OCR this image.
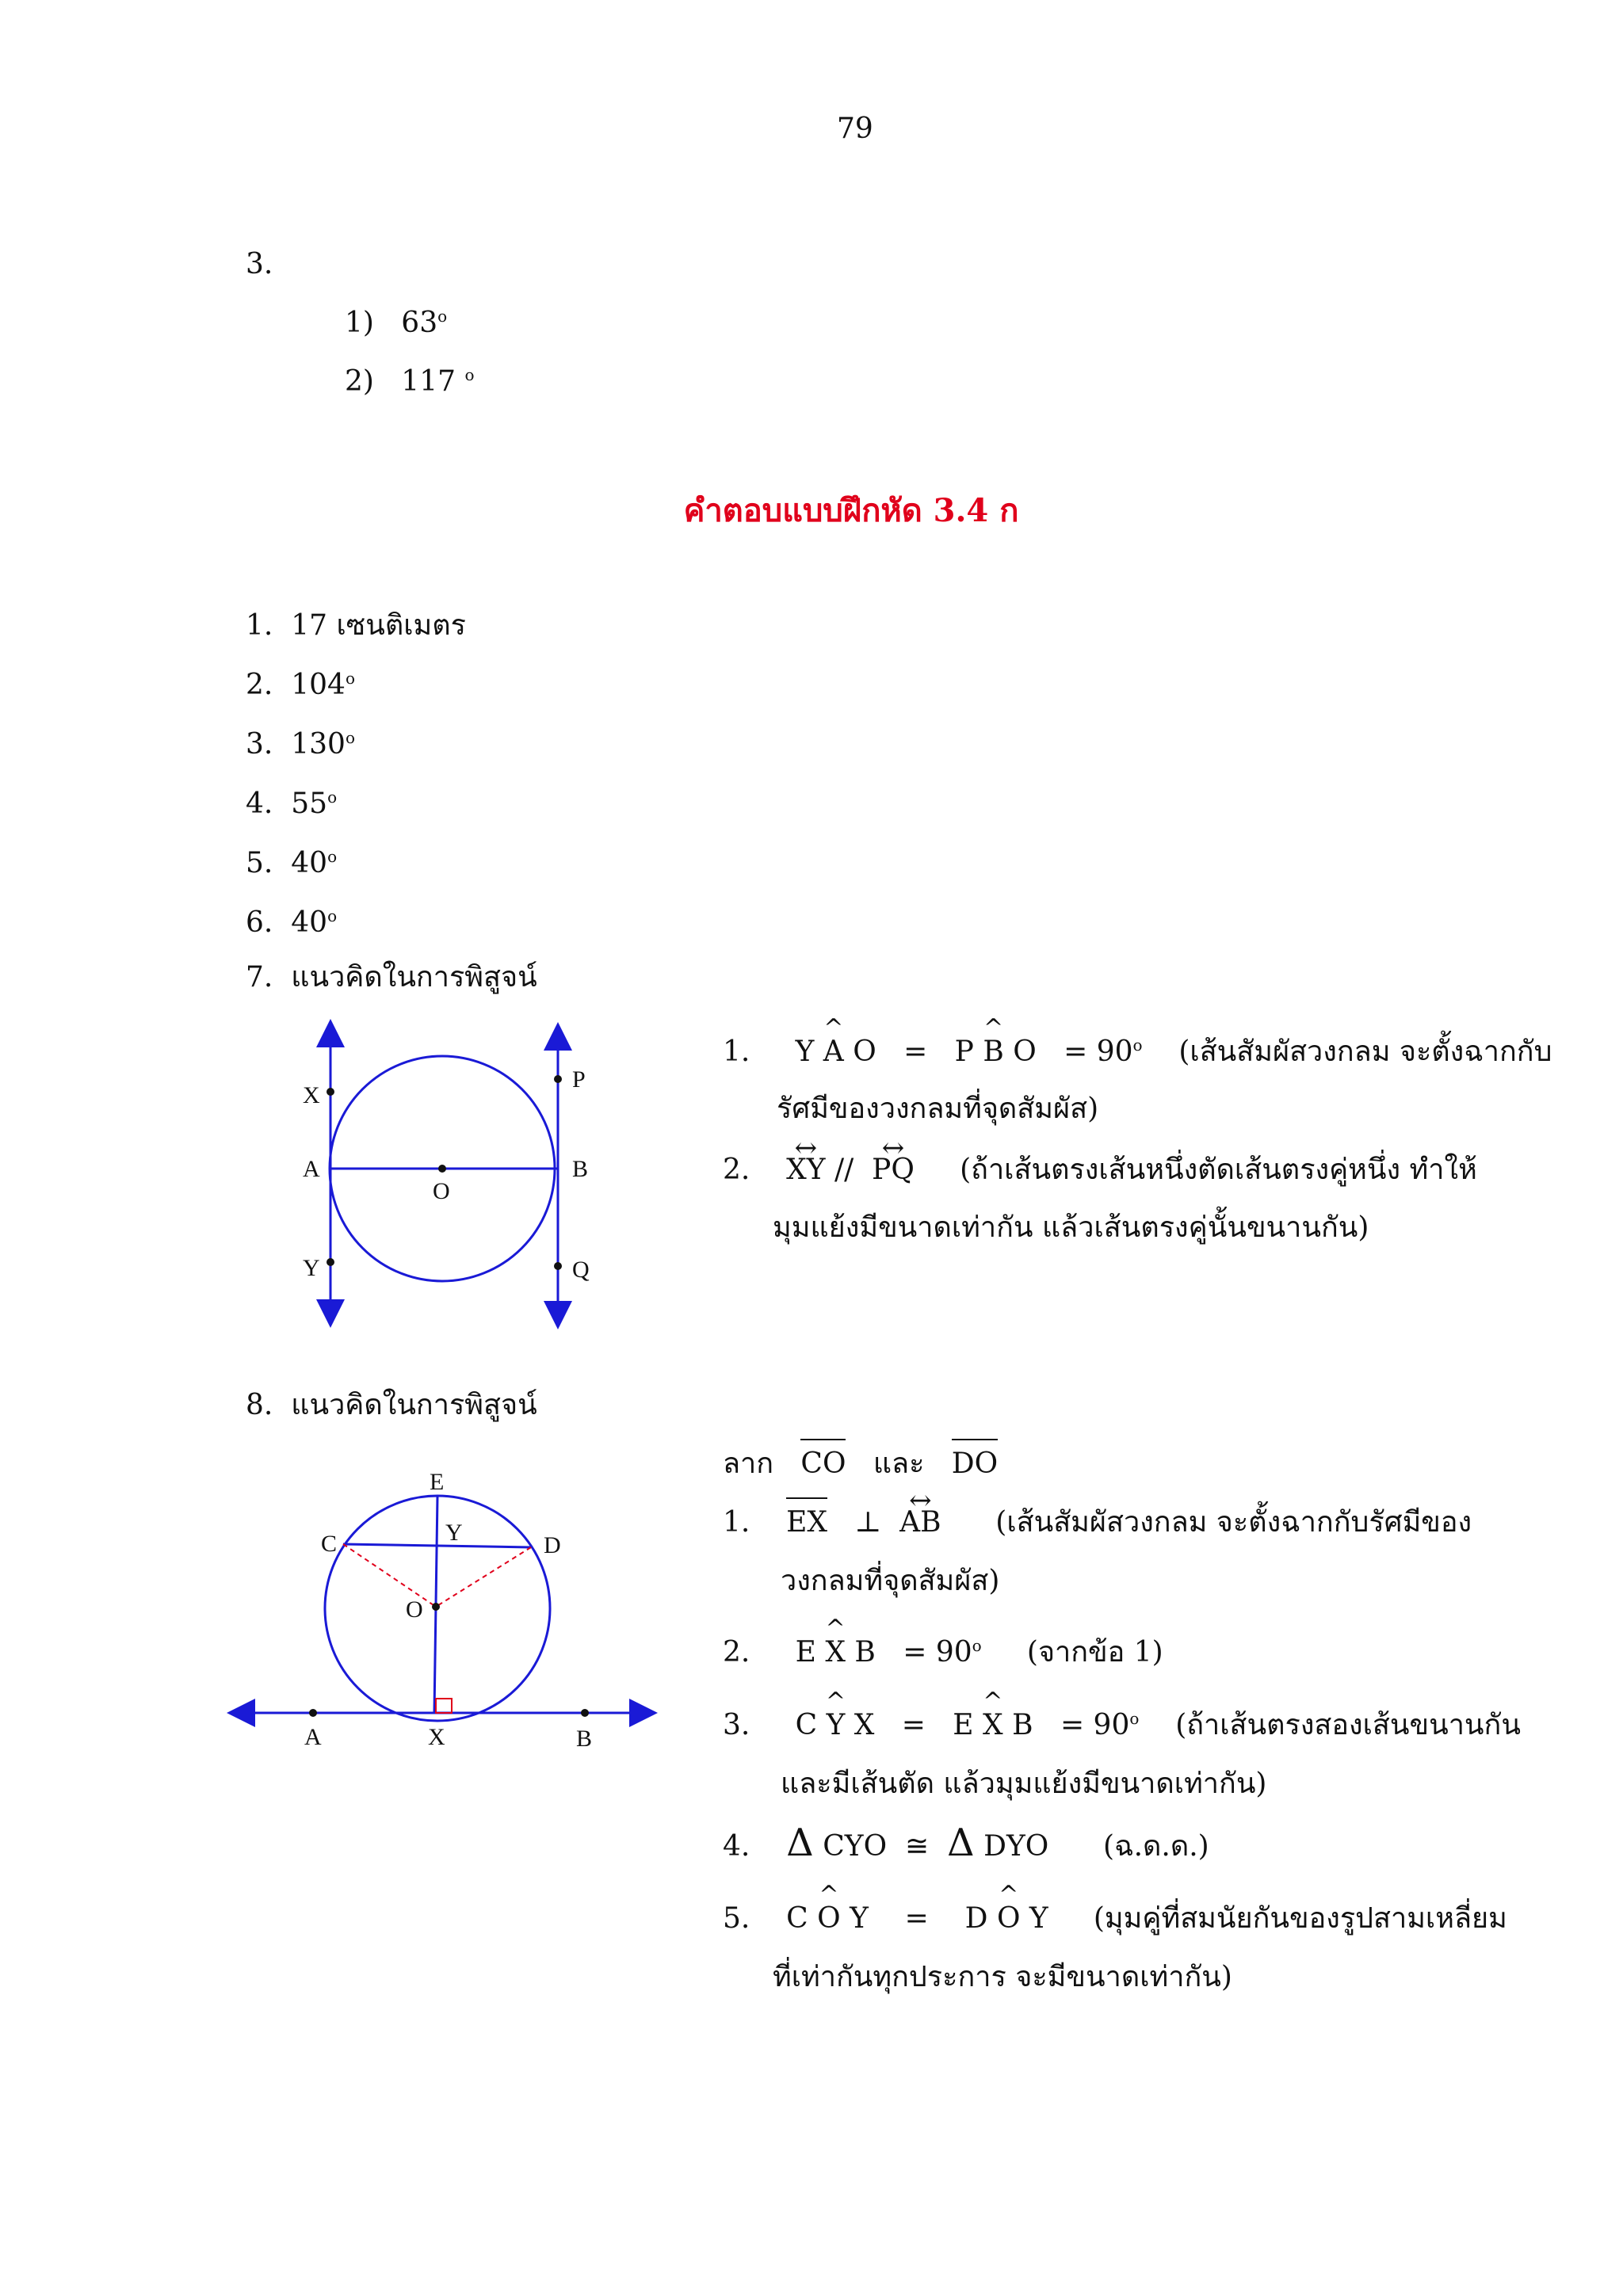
79
3.
1) 63$^o$
2) 117 $^o$
คำตอบแบบฝึกหัด 3.4 ก
1. 17 เซนติเมตร
2. 104$^o$
3. 130$^o$
4. 55$^o$
5. 40$^o$
6. 40$^o$
7. แนวคิดในการพิสูจน์
X
A
Y
O
P
B
Q
1. Y ^ A O = P ^ B $O = 90^o$ (เส้นสัมผัสวงกลม จะตั้งฉากกับ
รัศมีของวงกลมที่จุดสัมผัส)
2. ↔ XY // ↔ PQ (ถ้าเส้นตรงเส้นหนึ่งตัดเส้นตรงคู่หนึ่ง ทำให้
มุมแย้งมีขนาดเท่ากัน แล้วเส้นตรงคู่นั้นขนานกัน)
8. แนวคิดในการพิสูจน์
E
C	Y	D
O
A	X	B
ลาก CO และ DO
1. EX ⊥ ↔ AB (เส้นสัมผัสวงกลม จะตั้งฉากกับรัศมีของ
วงกลมที่จุดสัมผัส)
2. E ^ X $B = 90^o$ (จากข้อ 1)
3. C ^ Y X = E ^ X $B = 90^o$ (ถ้าเส้นตรงสองเส้นขนานกัน
และมีเส้นตัด แล้วมุมแย้งมีขนาดเท่ากัน)
4. Δ CYO ≅ Δ DYO (ฉ.ด.ด.)
5. C ^ O Y = D ^ O Y (มุมคู่ที่สมนัยกันของรูปสามเหลี่ยม
ที่เท่ากันทุกประการ จะมีขนาดเท่ากัน)
